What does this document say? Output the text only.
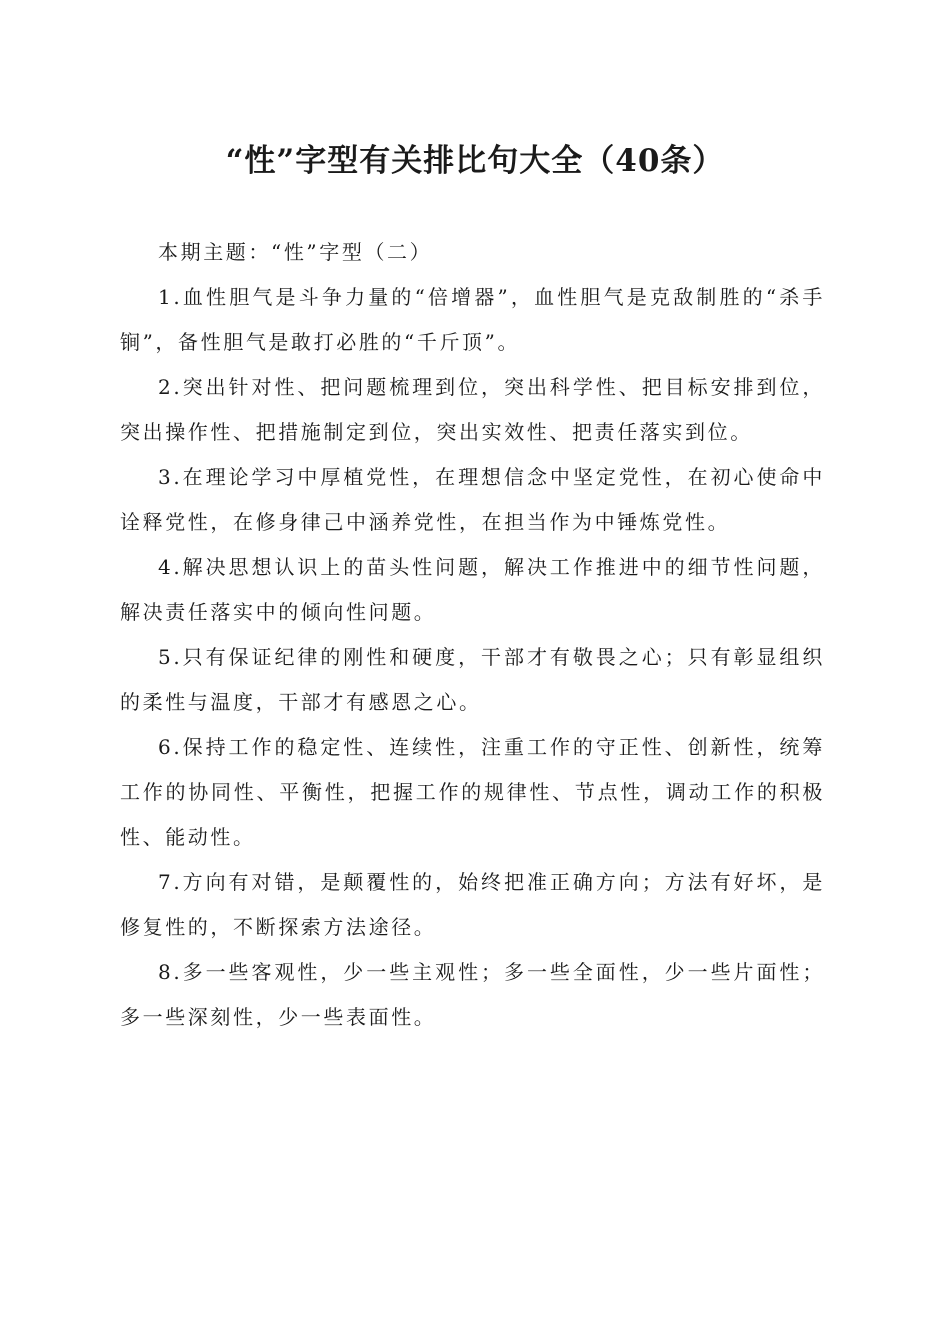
“性”字型有关排比句大全（40条）

本期主题：“性”字型（二）

1.血性胆气是斗争力量的“倍增器”，血性胆气是克敌制胜的“杀手锏”，备性胆气是敢打必胜的“千斤顶”。

2.突出针对性、把问题梳理到位，突出科学性、把目标安排到位，突出操作性、把措施制定到位，突出实效性、把责任落实到位。

3.在理论学习中厚植党性，在理想信念中坚定党性，在初心使命中诠释党性，在修身律己中涵养党性，在担当作为中锤炼党性。

4.解决思想认识上的苗头性问题，解决工作推进中的细节性问题，解决责任落实中的倾向性问题。

5.只有保证纪律的刚性和硬度，干部才有敬畏之心；只有彰显组织的柔性与温度，干部才有感恩之心。

6.保持工作的稳定性、连续性，注重工作的守正性、创新性，统筹工作的协同性、平衡性，把握工作的规律性、节点性，调动工作的积极性、能动性。

7.方向有对错，是颠覆性的，始终把准正确方向；方法有好坏，是修复性的，不断探索方法途径。

8.多一些客观性，少一些主观性；多一些全面性，少一些片面性；多一些深刻性，少一些表面性。
